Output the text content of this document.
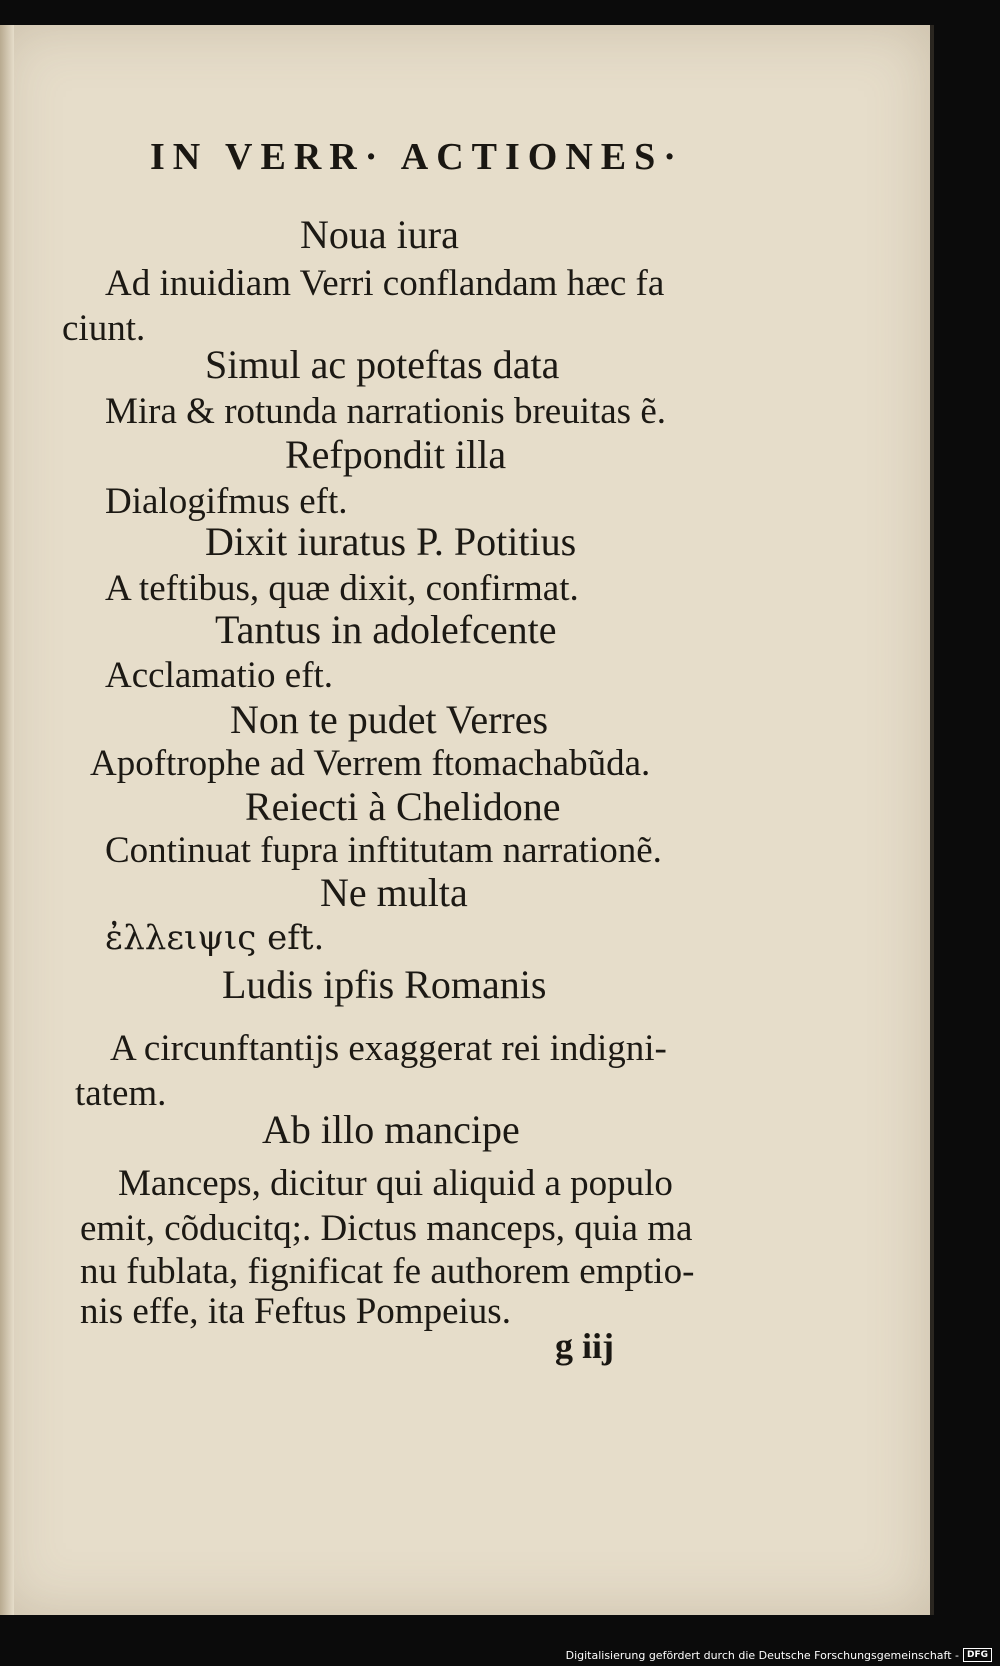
IN VERR· ACTIONES·
Noua iura
Ad inuidiam Verri conflandam hæc fa
ciunt.
Simul ac poteftas data
Mira & rotunda narrationis breuitas ẽ.
Refpondit illa
Dialogifmus eft.
Dixit iuratus P. Potitius
A teftibus, quæ dixit, confirmat.
Tantus in adolefcente
Acclamatio eft.
Non te pudet Verres
Apoftrophe ad Verrem ftomachabũda.
Reiecti à Chelidone
Continuat fupra inftitutam narrationẽ.
Ne multa
ἐλλειψις eft.
Ludis ipfis Romanis
A circunftantijs exaggerat rei indigni-
tatem.
Ab illo mancipe
Manceps, dicitur qui aliquid a populo
emit, cõducitq;. Dictus manceps, quia ma
nu fublata, fignificat fe authorem emptio-
nis effe, ita Feftus Pompeius.
g iij
Digitalisierung gefördert durch die Deutsche Forschungsgemeinschaft - DFG
